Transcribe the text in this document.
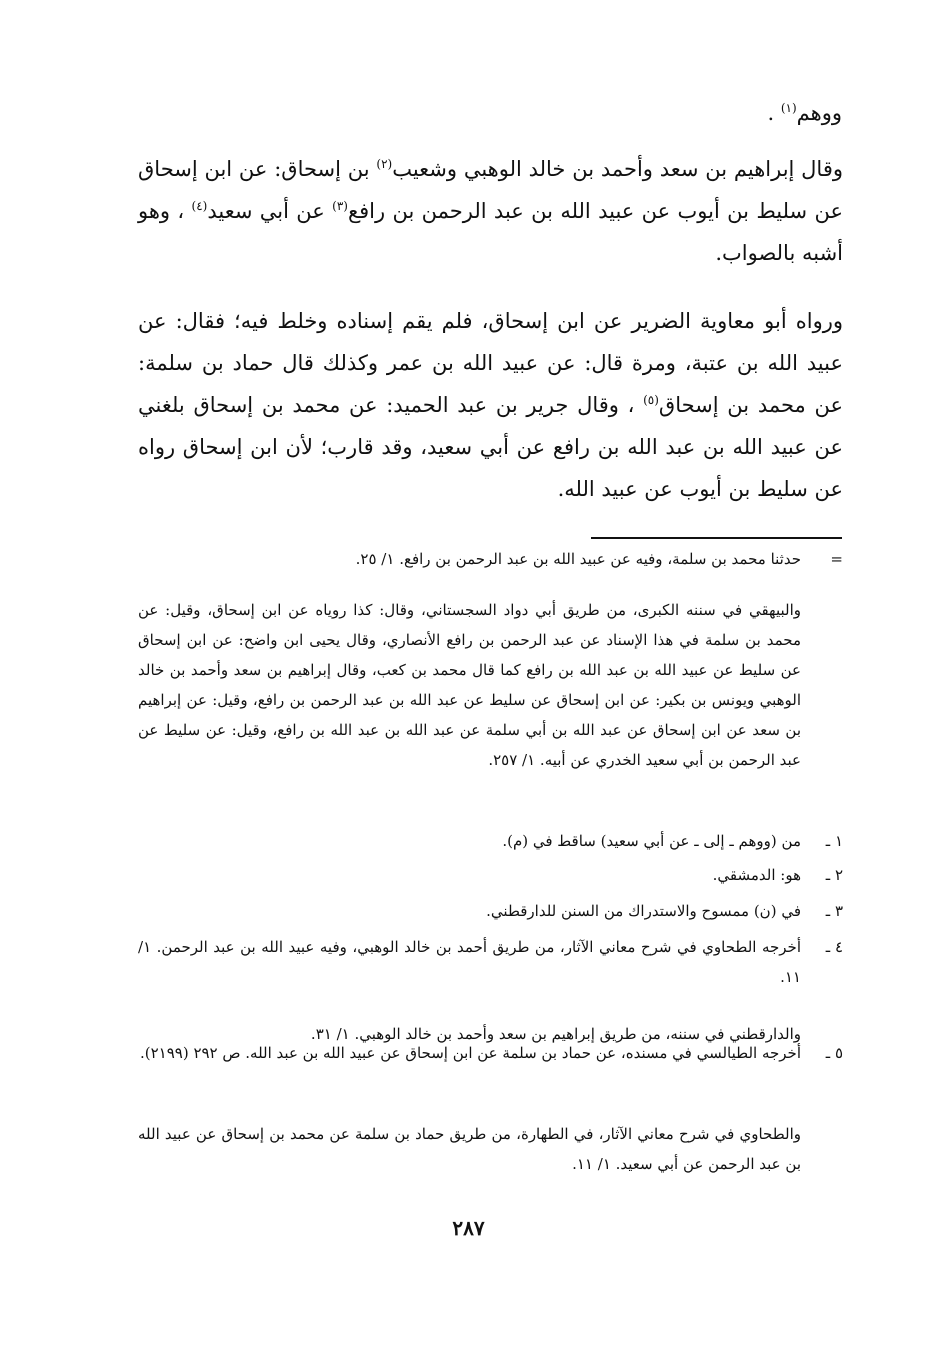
ووهم$^{(١)}$ .

وقال إبراهيم بن سعد وأحمد بن خالد الوهبي وشعيب$^{(٢)}$ بن إسحاق: عن ابن إسحاق عن سليط بن أيوب عن عبيد الله بن عبد الرحمن بن رافع$^{(٣)}$ عن أبي سعيد$^{(٤)}$ ، وهو أشبه بالصواب.

ورواه أبو معاوية الضرير عن ابن إسحاق، فلم يقم إسناده وخلط فيه؛ فقال: عن عبيد الله بن عتبة، ومرة قال: عن عبيد الله بن عمر وكذلك قال حماد بن سلمة: عن محمد بن إسحاق$^{(٥)}$ ، وقال جرير بن عبد الحميد: عن محمد بن إسحاق بلغني عن عبيد الله بن عبد الله بن رافع عن أبي سعيد، وقد قارب؛ لأن ابن إسحاق رواه عن سليط بن أيوب عن عبيد الله.

=
حدثنا محمد بن سلمة، وفيه عن عبيد الله بن عبد الرحمن بن رافع. ١/ ٢٥.

والبيهقي في سننه الكبرى، من طريق أبي دواد السجستاني، وقال: كذا روياه عن ابن إسحاق، وقيل: عن محمد بن سلمة في هذا الإسناد عن عبد الرحمن بن رافع الأنصاري، وقال يحيى ابن واضح: عن ابن إسحاق عن سليط عن عبيد الله بن عبد الله بن رافع كما قال محمد بن كعب، وقال إبراهيم بن سعد وأحمد بن خالد الوهبي ويونس بن بكير: عن ابن إسحاق عن سليط عن عبد الله بن عبد الرحمن بن رافع، وقيل: عن إبراهيم بن سعد عن ابن إسحاق عن عبد الله بن أبي سلمة عن عبد الله بن عبد الله بن رافع، وقيل: عن سليط عن عبد الرحمن بن أبي سعيد الخدري عن أبيه. ١/ ٢٥٧.

١ ـ
من (ووهم ـ إلى ـ عن أبي سعيد) ساقط في (م).

٢ ـ
هو: الدمشقي.

٣ ـ
في (ن) ممسوح والاستدراك من السنن للدارقطني.

٤ ـ
أخرجه الطحاوي في شرح معاني الآثار، من طريق أحمد بن خالد الوهبي، وفيه عبيد الله بن عبد الرحمن. ١/ ١١.

والدارقطني في سننه، من طريق إبراهيم بن سعد وأحمد بن خالد الوهبي. ١/ ٣١.

٥ ـ
أخرجه الطيالسي في مسنده، عن حماد بن سلمة عن ابن إسحاق عن عبيد الله بن عبد الله. ص ٢٩٢ (٢١٩٩).

والطحاوي في شرح معاني الآثار، في الطهارة، من طريق حماد بن سلمة عن محمد بن إسحاق عن عبيد الله بن عبد الرحمن عن أبي سعيد. ١/ ١١.

٢٨٧
